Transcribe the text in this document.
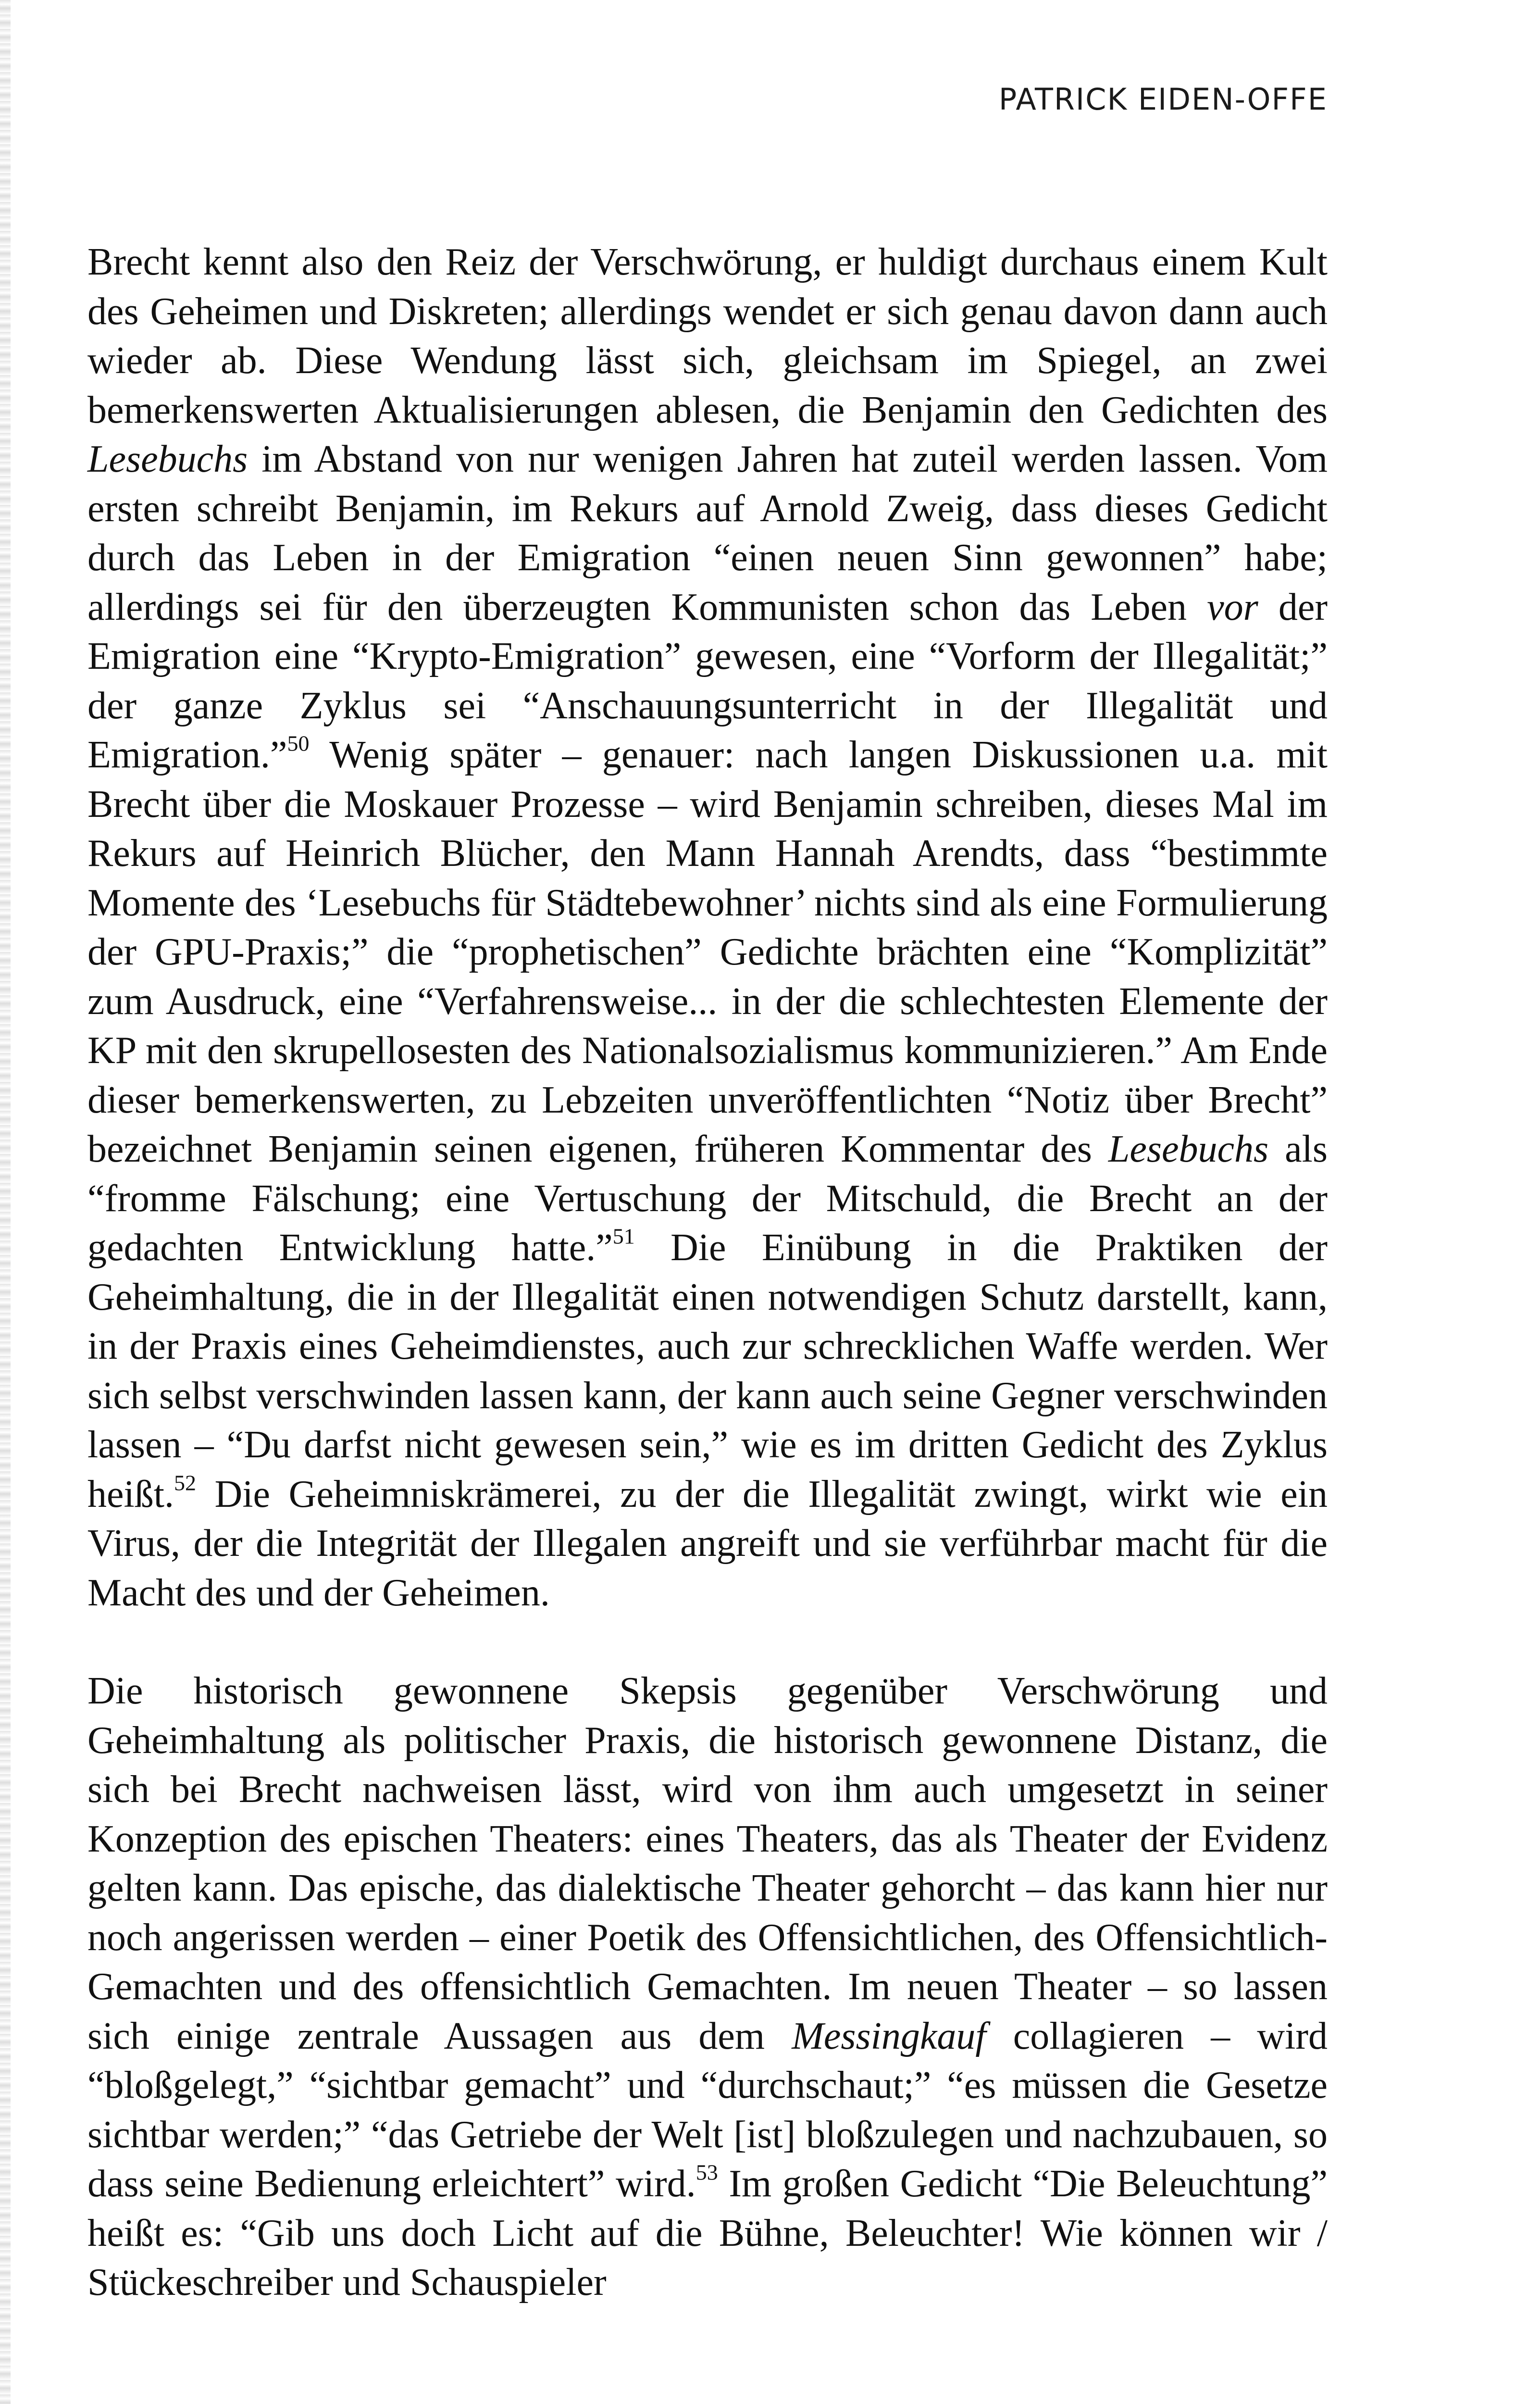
PATRICK EIDEN-OFFE

Brecht kennt also den Reiz der Verschwörung, er huldigt durchaus einem Kult des Geheimen und Diskreten; allerdings wendet er sich genau davon dann auch wieder ab. Diese Wendung lässt sich, gleichsam im Spiegel, an zwei bemerkenswerten Aktualisierungen ablesen, die Benjamin den Gedichten des Lesebuchs im Abstand von nur wenigen Jahren hat zuteil werden lassen. Vom ersten schreibt Benjamin, im Rekurs auf Arnold Zweig, dass dieses Gedicht durch das Leben in der Emigration “einen neuen Sinn gewonnen” habe; allerdings sei für den überzeugten Kommunisten schon das Leben vor der Emigration eine “Krypto-Emigration” gewesen, eine “Vorform der Illegalität;” der ganze Zyklus sei “Anschauungsunterricht in der Illegalität und Emigration.”$^{50}$ Wenig später – genauer: nach langen Diskussionen u.a. mit Brecht über die Moskauer Prozesse – wird Benjamin schreiben, dieses Mal im Rekurs auf Heinrich Blücher, den Mann Hannah Arendts, dass “bestimmte Momente des ‘Lesebuchs für Städtebewohner’ nichts sind als eine Formulierung der GPU-Praxis;” die “prophetischen” Gedichte brächten eine “Komplizität” zum Ausdruck, eine “Verfahrensweise... in der die schlechtesten Elemente der KP mit den skrupellosesten des Nationalsozialismus kommunizieren.” Am Ende dieser bemerkenswerten, zu Lebzeiten unveröffentlichten “Notiz über Brecht” bezeichnet Benjamin seinen eigenen, früheren Kommentar des Lesebuchs als “fromme Fälschung; eine Vertuschung der Mitschuld, die Brecht an der gedachten Entwicklung hatte.”$^{51}$ Die Einübung in die Praktiken der Geheimhaltung, die in der Illegalität einen notwendigen Schutz darstellt, kann, in der Praxis eines Geheimdienstes, auch zur schrecklichen Waffe werden. Wer sich selbst verschwinden lassen kann, der kann auch seine Gegner verschwinden lassen – “Du darfst nicht gewesen sein,” wie es im dritten Gedicht des Zyklus heißt.$^{52}$ Die Geheimniskrämerei, zu der die Illegalität zwingt, wirkt wie ein Virus, der die Integrität der Illegalen angreift und sie verführbar macht für die Macht des und der Geheimen.

Die historisch gewonnene Skepsis gegenüber Verschwörung und Geheimhaltung als politischer Praxis, die historisch gewonnene Distanz, die sich bei Brecht nachweisen lässt, wird von ihm auch umgesetzt in seiner Konzeption des epischen Theaters: eines Theaters, das als Theater der Evidenz gelten kann. Das epische, das dialektische Theater gehorcht – das kann hier nur noch angerissen werden – einer Poetik des Offensichtlichen, des Offensichtlich-Gemachten und des offensichtlich Gemachten. Im neuen Theater – so lassen sich einige zentrale Aussagen aus dem Messingkauf collagieren – wird “bloßgelegt,” “sichtbar gemacht” und “durchschaut;” “es müssen die Gesetze sichtbar werden;” “das Getriebe der Welt [ist] bloßzulegen und nachzubauen, so dass seine Bedienung erleichtert” wird.$^{53}$ Im großen Gedicht “Die Beleuchtung” heißt es: “Gib uns doch Licht auf die Bühne, Beleuchter! Wie können wir / Stückeschreiber und Schauspieler
